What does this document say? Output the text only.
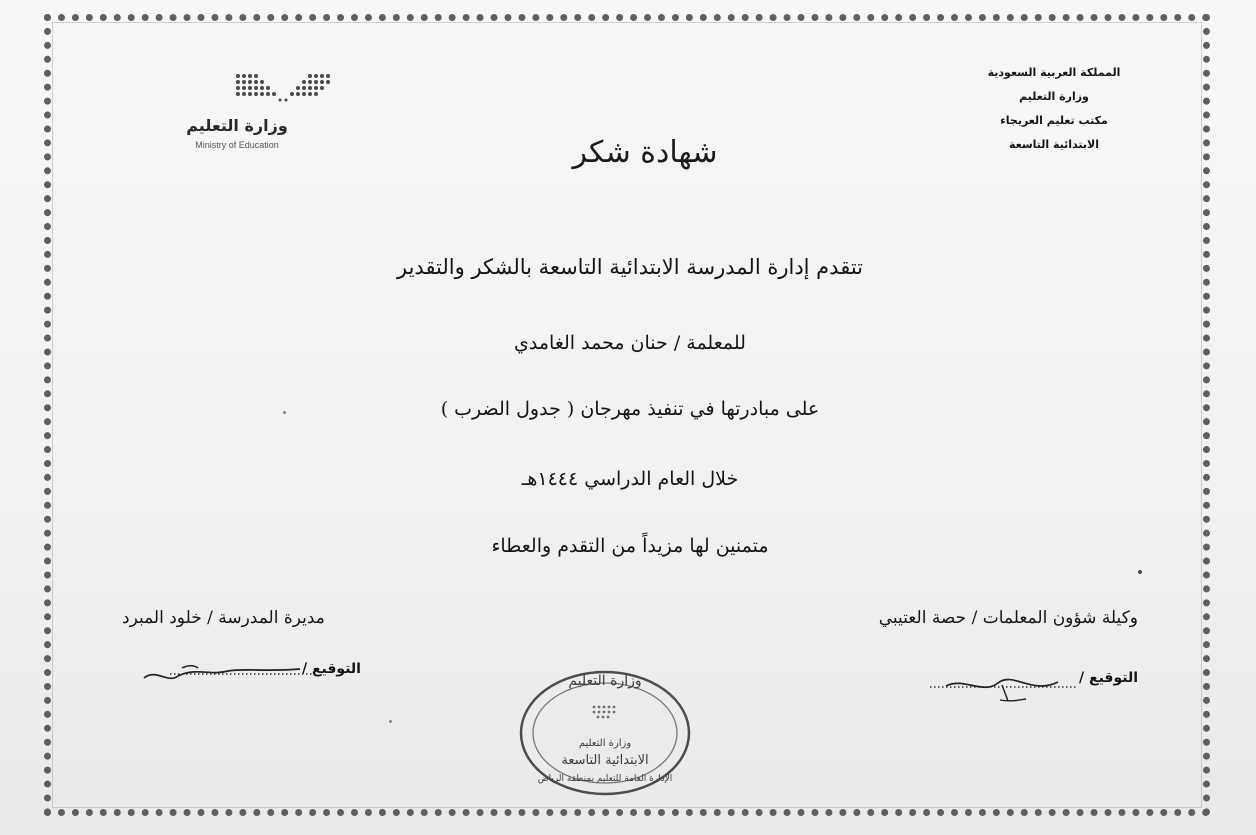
المملكة العربية السعودية
وزارة التعليم
مكتب تعليم العريجاء
الابتدائية التاسعة
وزارة التعليم
Ministry of Education	شهادة شكر
تتقدم إدارة المدرسة الابتدائية التاسعة بالشكر والتقدير
للمعلمة / حنان محمد الغامدي
على مبادرتها في تنفيذ مهرجان ( جدول الضرب )
خلال العام الدراسي ١٤٤٤هـ
متمنين لها مزيداً من التقدم والعطاء
وكيلة شؤون المعلمات / حصة العتيبي
مديرة المدرسة / خلود المبرد
التوقيع /
التوقيع /
وزارة التعليم
وزارة التعليم
الابتدائية التاسعة
الإدارة العامة للتعليم بمنطقة الرياض
